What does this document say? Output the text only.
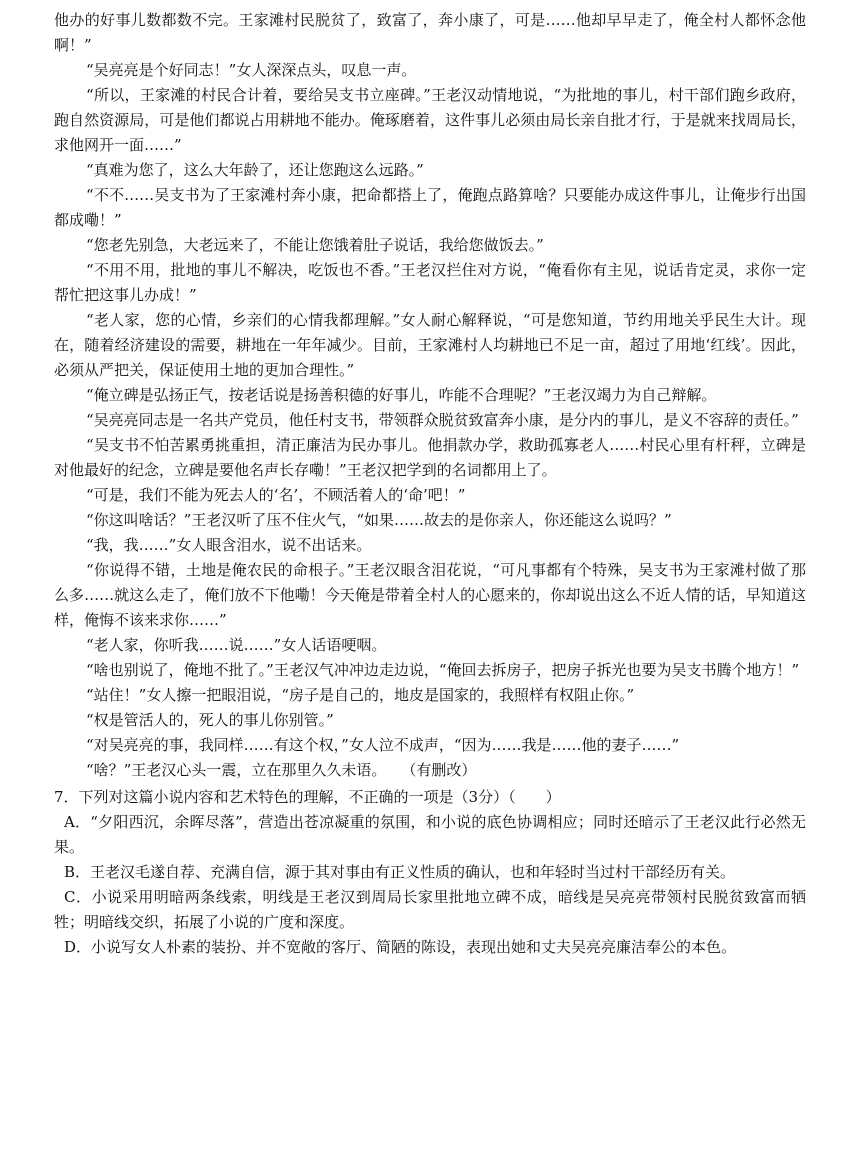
他办的好事儿数都数不完。王家滩村民脱贫了，致富了，奔小康了，可是……他却早早走了，俺全村人都怀念他啊！”

“吴亮亮是个好同志！”女人深深点头，叹息一声。

“所以，王家滩的村民合计着，要给吴支书立座碑。”王老汉动情地说，“为批地的事儿，村干部们跑乡政府，跑自然资源局，可是他们都说占用耕地不能办。俺琢磨着，这件事儿必须由局长亲自批才行，于是就来找周局长，求他网开一面……”

“真难为您了，这么大年龄了，还让您跑这么远路。”

“不不……吴支书为了王家滩村奔小康，把命都搭上了，俺跑点路算啥？只要能办成这件事儿，让俺步行出国都成嘞！”

“您老先别急，大老远来了，不能让您饿着肚子说话，我给您做饭去。”

“不用不用，批地的事儿不解决，吃饭也不香。”王老汉拦住对方说，“俺看你有主见，说话肯定灵，求你一定帮忙把这事儿办成！”

“老人家，您的心情，乡亲们的心情我都理解。”女人耐心解释说，“可是您知道，节约用地关乎民生大计。现在，随着经济建设的需要，耕地在一年年减少。目前，王家滩村人均耕地已不足一亩，超过了用地‘红线’。因此，必须从严把关，保证使用土地的更加合理性。”

“俺立碑是弘扬正气，按老话说是扬善积德的好事儿，咋能不合理呢？”王老汉竭力为自己辩解。

“吴亮亮同志是一名共产党员，他任村支书，带领群众脱贫致富奔小康，是分内的事儿，是义不容辞的责任。”

“吴支书不怕苦累勇挑重担，清正廉洁为民办事儿。他捐款办学，救助孤寡老人……村民心里有杆秤，立碑是对他最好的纪念，立碑是要他名声长存嘞！”王老汉把学到的名词都用上了。

“可是，我们不能为死去人的‘名’，不顾活着人的‘命’吧！”

“你这叫啥话？”王老汉听了压不住火气，“如果……故去的是你亲人，你还能这么说吗？”

“我，我……”女人眼含泪水，说不出话来。

“你说得不错，土地是俺农民的命根子。”王老汉眼含泪花说，“可凡事都有个特殊，吴支书为王家滩村做了那么多……就这么走了，俺们放不下他嘞！今天俺是带着全村人的心愿来的，你却说出这么不近人情的话，早知道这样，俺悔不该来求你……”

“老人家，你听我……说……”女人话语哽咽。

“啥也别说了，俺地不批了。”王老汉气冲冲边走边说，“俺回去拆房子，把房子拆光也要为吴支书腾个地方！”

“站住！”女人擦一把眼泪说，“房子是自己的，地皮是国家的，我照样有权阻止你。”

“权是管活人的，死人的事儿你别管。”

“对吴亮亮的事，我同样……有这个权，”女人泣不成声，“因为……我是……他的妻子……”

“啥？”王老汉心头一震，立在那里久久未语。　　（有删改）

7．下列对这篇小说内容和艺术特色的理解，不正确的一项是（3分）（　　）

A．“夕阳西沉，余晖尽落”，营造出苍凉凝重的氛围，和小说的底色协调相应；同时还暗示了王老汉此行必然无果。

B．王老汉毛遂自荐、充满自信，源于其对事由有正义性质的确认，也和年轻时当过村干部经历有关。

C．小说采用明暗两条线索，明线是王老汉到周局长家里批地立碑不成，暗线是吴亮亮带领村民脱贫致富而牺牲；明暗线交织，拓展了小说的广度和深度。

D．小说写女人朴素的装扮、并不宽敞的客厅、简陋的陈设，表现出她和丈夫吴亮亮廉洁奉公的本色。
